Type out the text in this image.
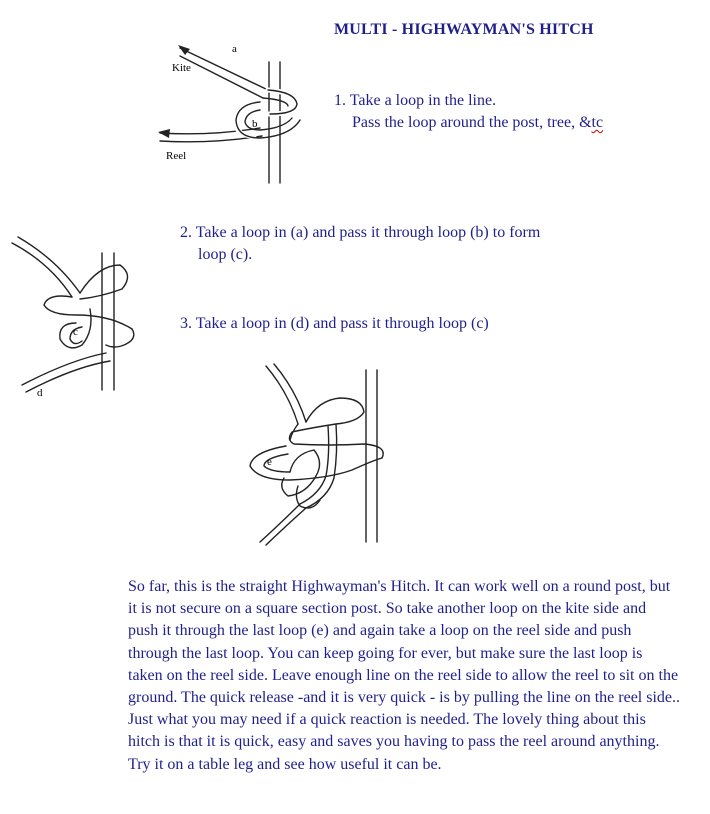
MULTI - HIGHWAYMAN'S HITCH
Kite
a
b
Reel
1. Take a loop in the line.
Pass the loop around the post, tree, &tc
c
d
2. Take a loop in (a) and pass it through loop (b) to form
loop (c).
3. Take a loop in (d) and pass it through loop (c)
e
So far, this is the straight Highwayman's Hitch. It can work well on a round post, but it is not secure on a square section post. So take another loop on the kite side and push it through the last loop (e) and again take a loop on the reel side and push through the last loop. You can keep going for ever, but make sure the last loop is taken on the reel side. Leave enough line on the reel side to allow the reel to sit on the ground. The quick release -and it is very quick - is by pulling the line on the reel side.. Just what you may need if a quick reaction is needed. The lovely thing about this hitch is that it is quick, easy and saves you having to pass the reel around anything. Try it on a table leg and see how useful it can be.
